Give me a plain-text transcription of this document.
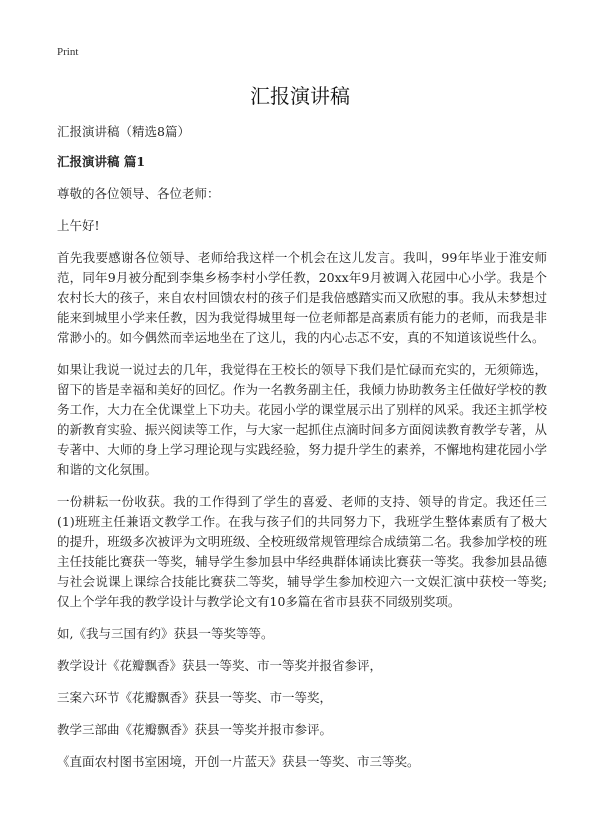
Print
汇报演讲稿

汇报演讲稿（精选8篇）

汇报演讲稿 篇1

尊敬的各位领导、各位老师：

上午好!

首先我要感谢各位领导、老师给我这样一个机会在这儿发言。我叫，99年毕业于淮安师范，同年9月被分配到李集乡杨李村小学任教，20xx年9月被调入花园中心小学。我是个农村长大的孩子，来自农村回馈农村的孩子们是我倍感踏实而又欣慰的事。我从未梦想过能来到城里小学来任教，因为我觉得城里每一位老师都是高素质有能力的老师，而我是非常渺小的。如今偶然而幸运地坐在了这儿，我的内心忐忑不安，真的不知道该说些什么。

如果让我说一说过去的几年，我觉得在王校长的领导下我们是忙碌而充实的，无须筛选，留下的皆是幸福和美好的回忆。作为一名教务副主任，我倾力协助教务主任做好学校的教务工作，大力在全优课堂上下功夫。花园小学的课堂展示出了别样的风采。我还主抓学校的新教育实验、振兴阅读等工作，与大家一起抓住点滴时间多方面阅读教育教学专著，从专著中、大师的身上学习理论现与实践经验，努力提升学生的素养，不懈地构建花园小学和谐的文化氛围。

一份耕耘一份收获。我的工作得到了学生的喜爱、老师的支持、领导的肯定。我还任三(1)班班主任兼语文教学工作。在我与孩子们的共同努力下，我班学生整体素质有了极大的提升，班级多次被评为文明班级、全校班级常规管理综合成绩第二名。我参加学校的班主任技能比赛获一等奖，辅导学生参加县中华经典群体诵读比赛获一等奖。我参加县品德与社会说课上课综合技能比赛获二等奖，辅导学生参加校迎六一文娱汇演中获校一等奖;仅上个学年我的教学设计与教学论文有10多篇在省市县获不同级别奖项。

如,《我与三国有约》获县一等奖等等。

教学设计《花瓣飘香》获县一等奖、市一等奖并报省参评，

三案六环节《花瓣飘香》获县一等奖、市一等奖，

教学三部曲《花瓣飘香》获县一等奖并报市参评。

《直面农村图书室困境，开创一片蓝天》获县一等奖、市三等奖。
